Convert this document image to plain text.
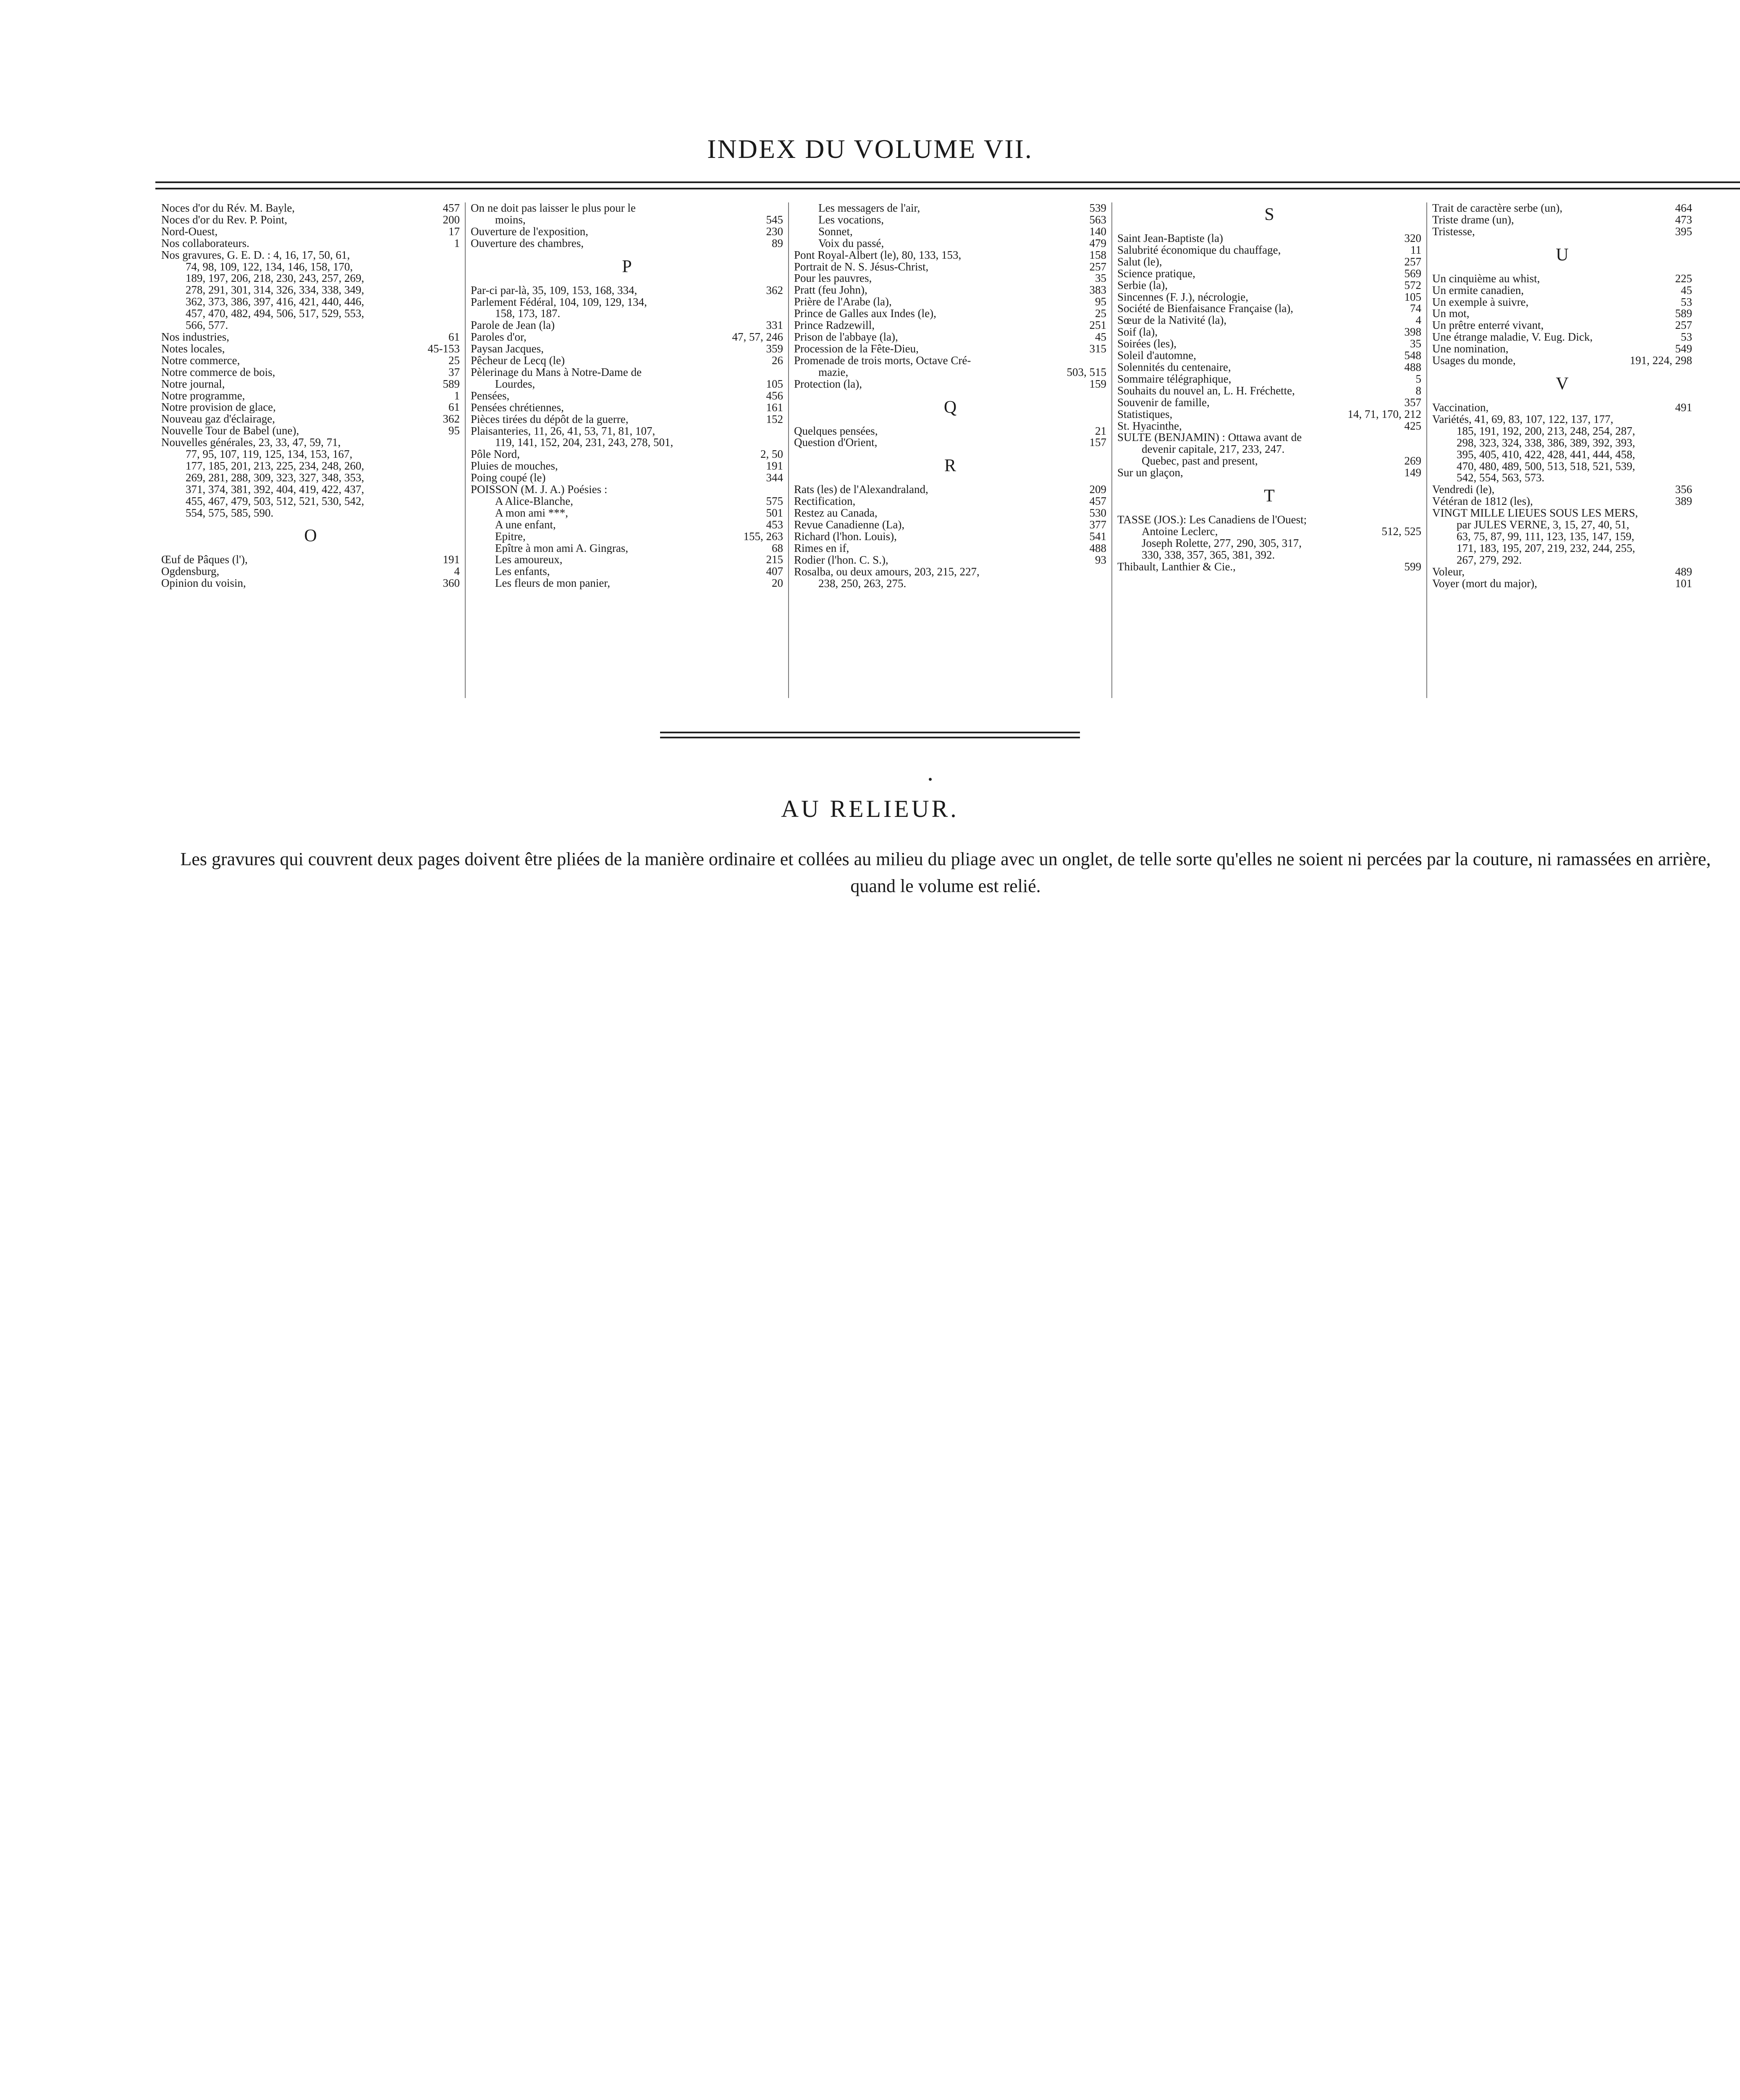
INDEX DU VOLUME VII.
Noces d'or du Rév. M. Bayle,	457
Noces d'or du Rev. P. Point,	200
Nord-Ouest,	17
Nos collaborateurs.	1
Nos gravures, G. E. D. : 4, 16, 17, 50, 61,
74, 98, 109, 122, 134, 146, 158, 170,
189, 197, 206, 218, 230, 243, 257, 269,
278, 291, 301, 314, 326, 334, 338, 349,
362, 373, 386, 397, 416, 421, 440, 446,
457, 470, 482, 494, 506, 517, 529, 553,
566, 577.
Nos industries,	61
Notes locales,	45-153
Notre commerce,	25
Notre commerce de bois,	37
Notre journal,	589
Notre programme,	1
Notre provision de glace,	61
Nouveau gaz d'éclairage,	362
Nouvelle Tour de Babel (une),	95
Nouvelles générales, 23, 33, 47, 59, 71,
77, 95, 107, 119, 125, 134, 153, 167,
177, 185, 201, 213, 225, 234, 248, 260,
269, 281, 288, 309, 323, 327, 348, 353,
371, 374, 381, 392, 404, 419, 422, 437,
455, 467, 479, 503, 512, 521, 530, 542,
554, 575, 585, 590.
O
Œuf de Pâques (l'),	191
Ogdensburg,	4
Opinion du voisin,	360
On ne doit pas laisser le plus pour le
moins,	545
Ouverture de l'exposition,	230
Ouverture des chambres,	89
P
Par-ci par-là, 35, 109, 153, 168, 334,	362
Parlement Fédéral, 104, 109, 129, 134,
158, 173, 187.
Parole de Jean (la)	331
Paroles d'or,	47, 57, 246
Paysan Jacques,	359
Pêcheur de Lecq (le)	26
Pèlerinage du Mans à Notre-Dame de
Lourdes,	105
Pensées,	456
Pensées chrétiennes,	161
Pièces tirées du dépôt de la guerre,	152
Plaisanteries, 11, 26, 41, 53, 71, 81, 107,
119, 141, 152, 204, 231, 243, 278, 501,
Pôle Nord,	2, 50
Pluies de mouches,	191
Poing coupé (le)	344
POISSON (M. J. A.) Poésies :
A Alice-Blanche,	575
A mon ami ***,	501
A une enfant,	453
Epitre,	155, 263
Epître à mon ami A. Gingras,	68
Les amoureux,	215
Les enfants,	407
Les fleurs de mon panier,	20
Les messagers de l'air,	539
Les vocations,	563
Sonnet,	140
Voix du passé,	479
Pont Royal-Albert (le), 80, 133, 153,	158
Portrait de N. S. Jésus-Christ,	257
Pour les pauvres,	35
Pratt (feu John),	383
Prière de l'Arabe (la),	95
Prince de Galles aux Indes (le),	25
Prince Radzewill,	251
Prison de l'abbaye (la),	45
Procession de la Fête-Dieu,	315
Promenade de trois morts, Octave Cré-
mazie,	503, 515
Protection (la),	159
Q
Quelques pensées,	21
Question d'Orient,	157
R
Rats (les) de l'Alexandraland,	209
Rectification,	457
Restez au Canada,	530
Revue Canadienne (La),	377
Richard (l'hon. Louis),	541
Rimes en if,	488
Rodier (l'hon. C. S.),	93
Rosalba, ou deux amours, 203, 215, 227,
238, 250, 263, 275.
S
Saint Jean-Baptiste (la)	320
Salubrité économique du chauffage,	11
Salut (le),	257
Science pratique,	569
Serbie (la),	572
Sincennes (F. J.), nécrologie,	105
Société de Bienfaisance Française (la),	74
Sœur de la Nativité (la),	4
Soif (la),	398
Soirées (les),	35
Soleil d'automne,	548
Solennités du centenaire,	488
Sommaire télégraphique,	5
Souhaits du nouvel an, L. H. Fréchette,	8
Souvenir de famille,	357
Statistiques,	14, 71, 170, 212
St. Hyacinthe,	425
SULTE (BENJAMIN) : Ottawa avant de
devenir capitale, 217, 233, 247.
Quebec, past and present,	269
Sur un glaçon,	149
T
TASSE (JOS.): Les Canadiens de l'Ouest;
Antoine Leclerc,	512, 525
Joseph Rolette, 277, 290, 305, 317,
330, 338, 357, 365, 381, 392.
Thibault, Lanthier & Cie.,	599
Trait de caractère serbe (un),	464
Triste drame (un),	473
Tristesse,	395
U
Un cinquième au whist,	225
Un ermite canadien,	45
Un exemple à suivre,	53
Un mot,	589
Un prêtre enterré vivant,	257
Une étrange maladie, V. Eug. Dick,	53
Une nomination,	549
Usages du monde,	191, 224, 298
V
Vaccination,	491
Variétés, 41, 69, 83, 107, 122, 137, 177,
185, 191, 192, 200, 213, 248, 254, 287,
298, 323, 324, 338, 386, 389, 392, 393,
395, 405, 410, 422, 428, 441, 444, 458,
470, 480, 489, 500, 513, 518, 521, 539,
542, 554, 563, 573.
Vendredi (le),	356
Vétéran de 1812 (les),	389
VINGT MILLE LIEUES SOUS LES MERS,
par JULES VERNE, 3, 15, 27, 40, 51,
63, 75, 87, 99, 111, 123, 135, 147, 159,
171, 183, 195, 207, 219, 232, 244, 255,
267, 279, 292.
Voleur,	489
Voyer (mort du major),	101
AU RELIEUR.
Les gravures qui couvrent deux pages doivent être pliées de la manière ordinaire et collées au milieu du pliage avec un onglet, de telle sorte qu'elles ne soient ni percées par la couture, ni ramassées en arrière, quand le volume est relié.
